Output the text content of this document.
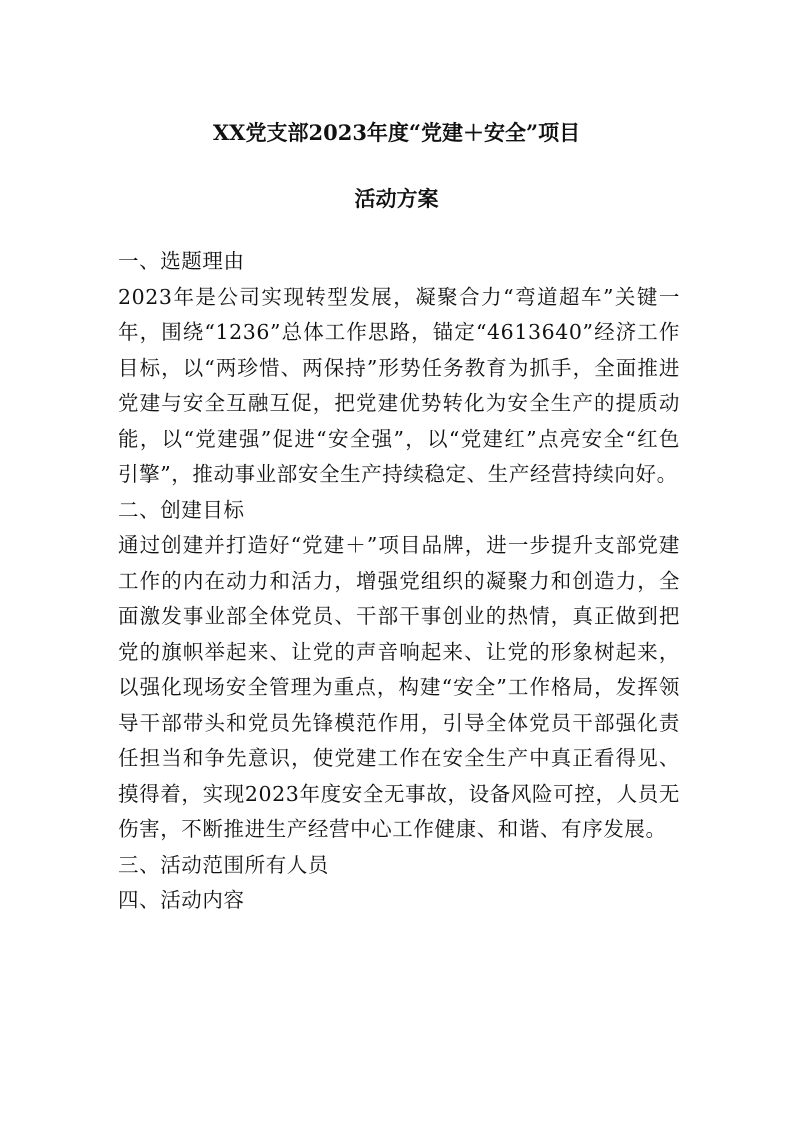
XX党支部2023年度“党建＋安全”项目
活动方案

一、选题理由

2023年是公司实现转型发展，凝聚合力“弯道超车”关键一年，围绕“1236”总体工作思路，锚定“4613640”经济工作目标，以“两珍惜、两保持”形势任务教育为抓手，全面推进党建与安全互融互促，把党建优势转化为安全生产的提质动能，以“党建强”促进“安全强”，以“党建红”点亮安全“红色引擎”，推动事业部安全生产持续稳定、生产经营持续向好。

二、创建目标

通过创建并打造好“党建＋”项目品牌，进一步提升支部党建工作的内在动力和活力，增强党组织的凝聚力和创造力，全面激发事业部全体党员、干部干事创业的热情，真正做到把党的旗帜举起来、让党的声音响起来、让党的形象树起来，以强化现场安全管理为重点，构建“安全”工作格局，发挥领导干部带头和党员先锋模范作用，引导全体党员干部强化责任担当和争先意识，使党建工作在安全生产中真正看得见、摸得着，实现2023年度安全无事故，设备风险可控，人员无伤害，不断推进生产经营中心工作健康、和谐、有序发展。

三、活动范围所有人员

四、活动内容
